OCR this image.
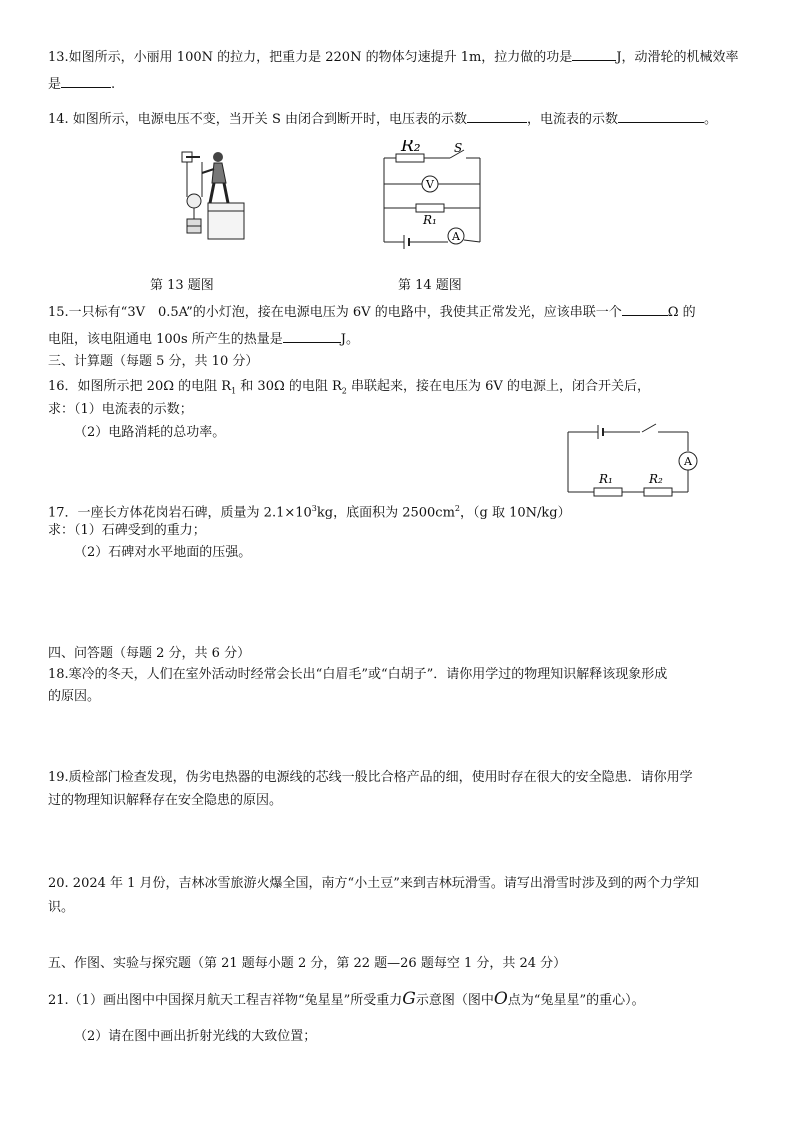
13.如图所示，小丽用 100N 的拉力，把重力是 220N 的物体匀速提升 1m，拉力做的功是	J，动滑轮的机械效率
是	.
14. 如图所示，电源电压不变，当开关 S 由闭合到断开时，电压表的示数	，电流表的示数	。
R₂	S
V
R₁
A
第 13 题图	第 14 题图
15.一只标有“3V　0.5A”的小灯泡，接在电源电压为 6V 的电路中，我使其正常发光，应该串联一个	Ω 的
电阻，该电阻通电 100s 所产生的热量是	J。
三、计算题（每题 5 分，共 10 分）
16．如图所示把 20Ω 的电阻 $R_1$ 和 30Ω 的电阻 $R_2$ 串联起来，接在电压为 6V 的电源上，闭合开关后，
求：（1）电流表的示数；
（2）电路消耗的总功率。
A
R₁	R₂
17．一座长方体花岗岩石碑，质量为 $2.1\times 10^3kg$，底面积为 $2500cm^2$，（g 取 10N/kg）
求：（1）石碑受到的重力；
（2）石碑对水平地面的压强。
四、问答题（每题 2 分，共 6 分）
18.寒冷的冬天，人们在室外活动时经常会长出“白眉毛”或“白胡子”．请你用学过的物理知识解释该现象形成
的原因。
19.质检部门检查发现，伪劣电热器的电源线的芯线一般比合格产品的细，使用时存在很大的安全隐患．请你用学
过的物理知识解释存在安全隐患的原因。
20. 2024 年 1 月份，吉林冰雪旅游火爆全国，南方“小土豆”来到吉林玩滑雪。请写出滑雪时涉及到的两个力学知
识。
五、作图、实验与探究题（第 21 题每小题 2 分，第 22 题—26 题每空 1 分，共 24 分）
21.（1）画出图中中国探月航天工程吉祥物“兔星星”所受重力G示意图（图中O点为“兔星星”的重心）。
（2）请在图中画出折射光线的大致位置；
